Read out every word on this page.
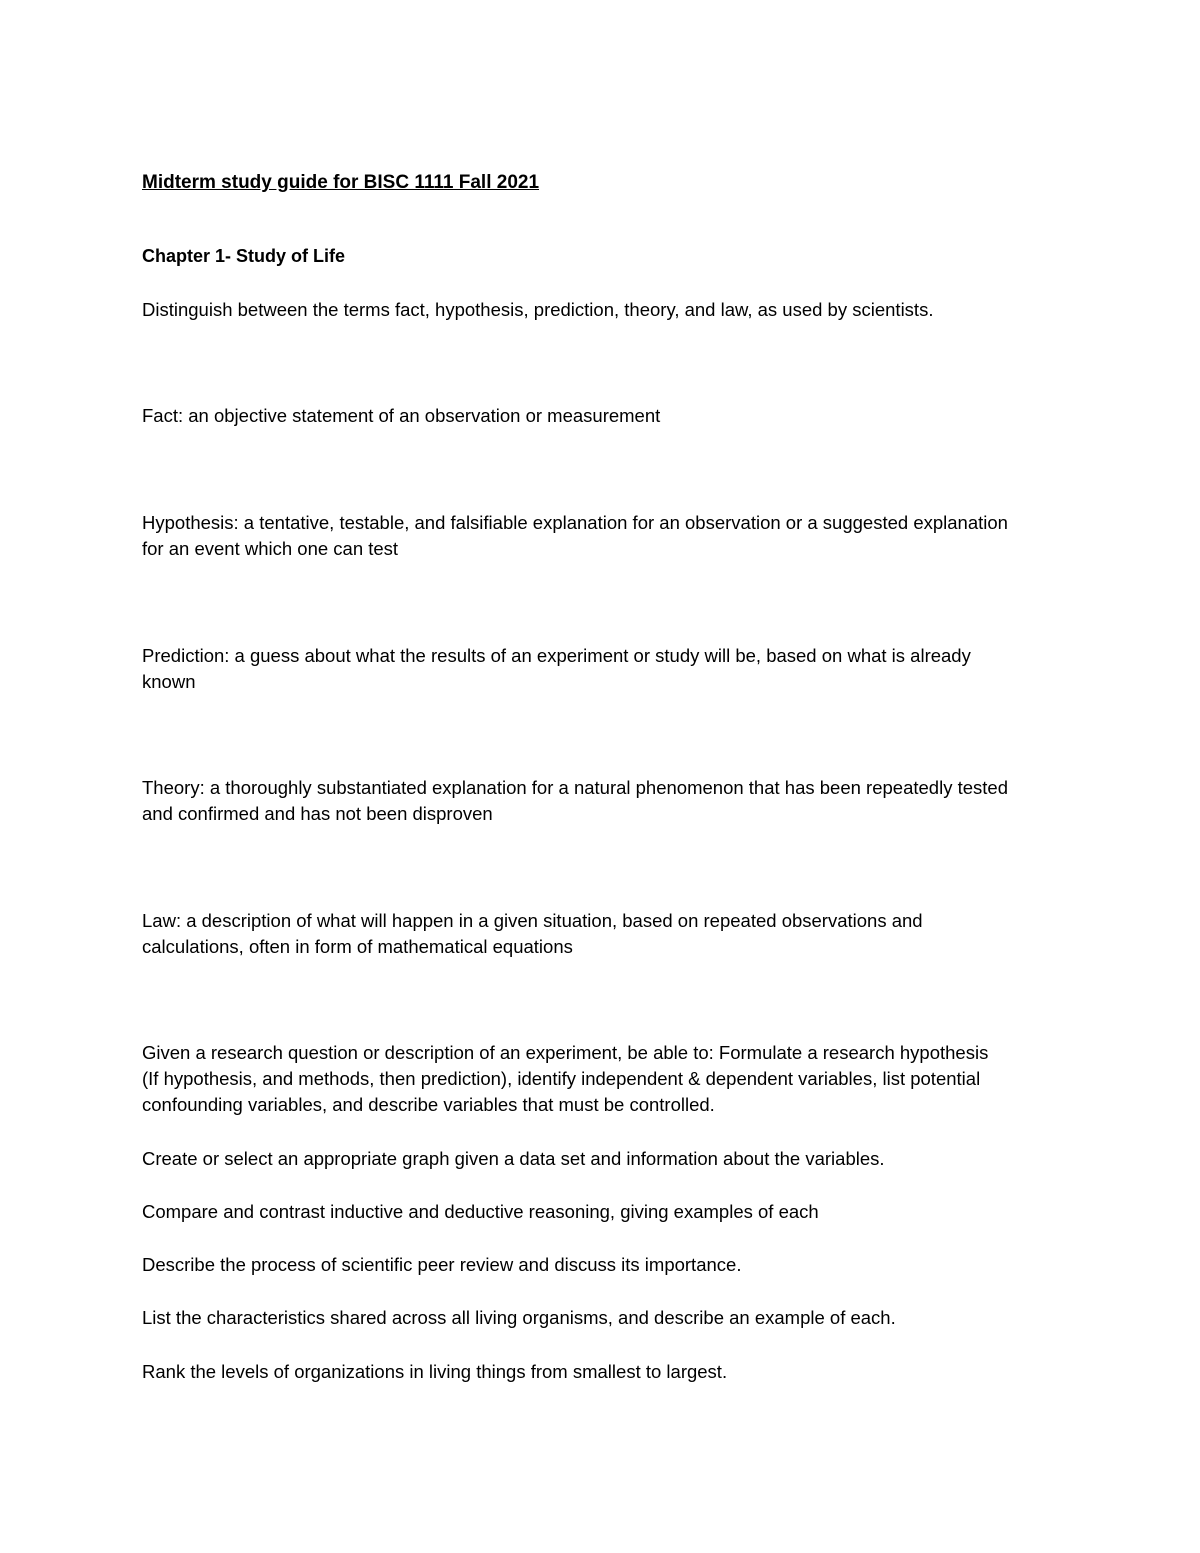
Midterm study guide for BISC 1111 Fall 2021

Chapter 1- Study of Life

Distinguish between the terms fact, hypothesis, prediction, theory, and law, as used by scientists.

Fact: an objective statement of an observation or measurement

Hypothesis: a tentative, testable, and falsifiable explanation for an observation or a suggested explanation

for an event which one can test

Prediction: a guess about what the results of an experiment or study will be, based on what is already

known

Theory: a thoroughly substantiated explanation for a natural phenomenon that has been repeatedly tested

and confirmed and has not been disproven

Law: a description of what will happen in a given situation, based on repeated observations and

calculations, often in form of mathematical equations

Given a research question or description of an experiment, be able to: Formulate a research hypothesis

(If hypothesis, and methods, then prediction), identify independent & dependent variables, list potential

confounding variables, and describe variables that must be controlled.

Create or select an appropriate graph given a data set and information about the variables.

Compare and contrast inductive and deductive reasoning, giving examples of each

Describe the process of scientific peer review and discuss its importance.

List the characteristics shared across all living organisms, and describe an example of each.

Rank the levels of organizations in living things from smallest to largest.
